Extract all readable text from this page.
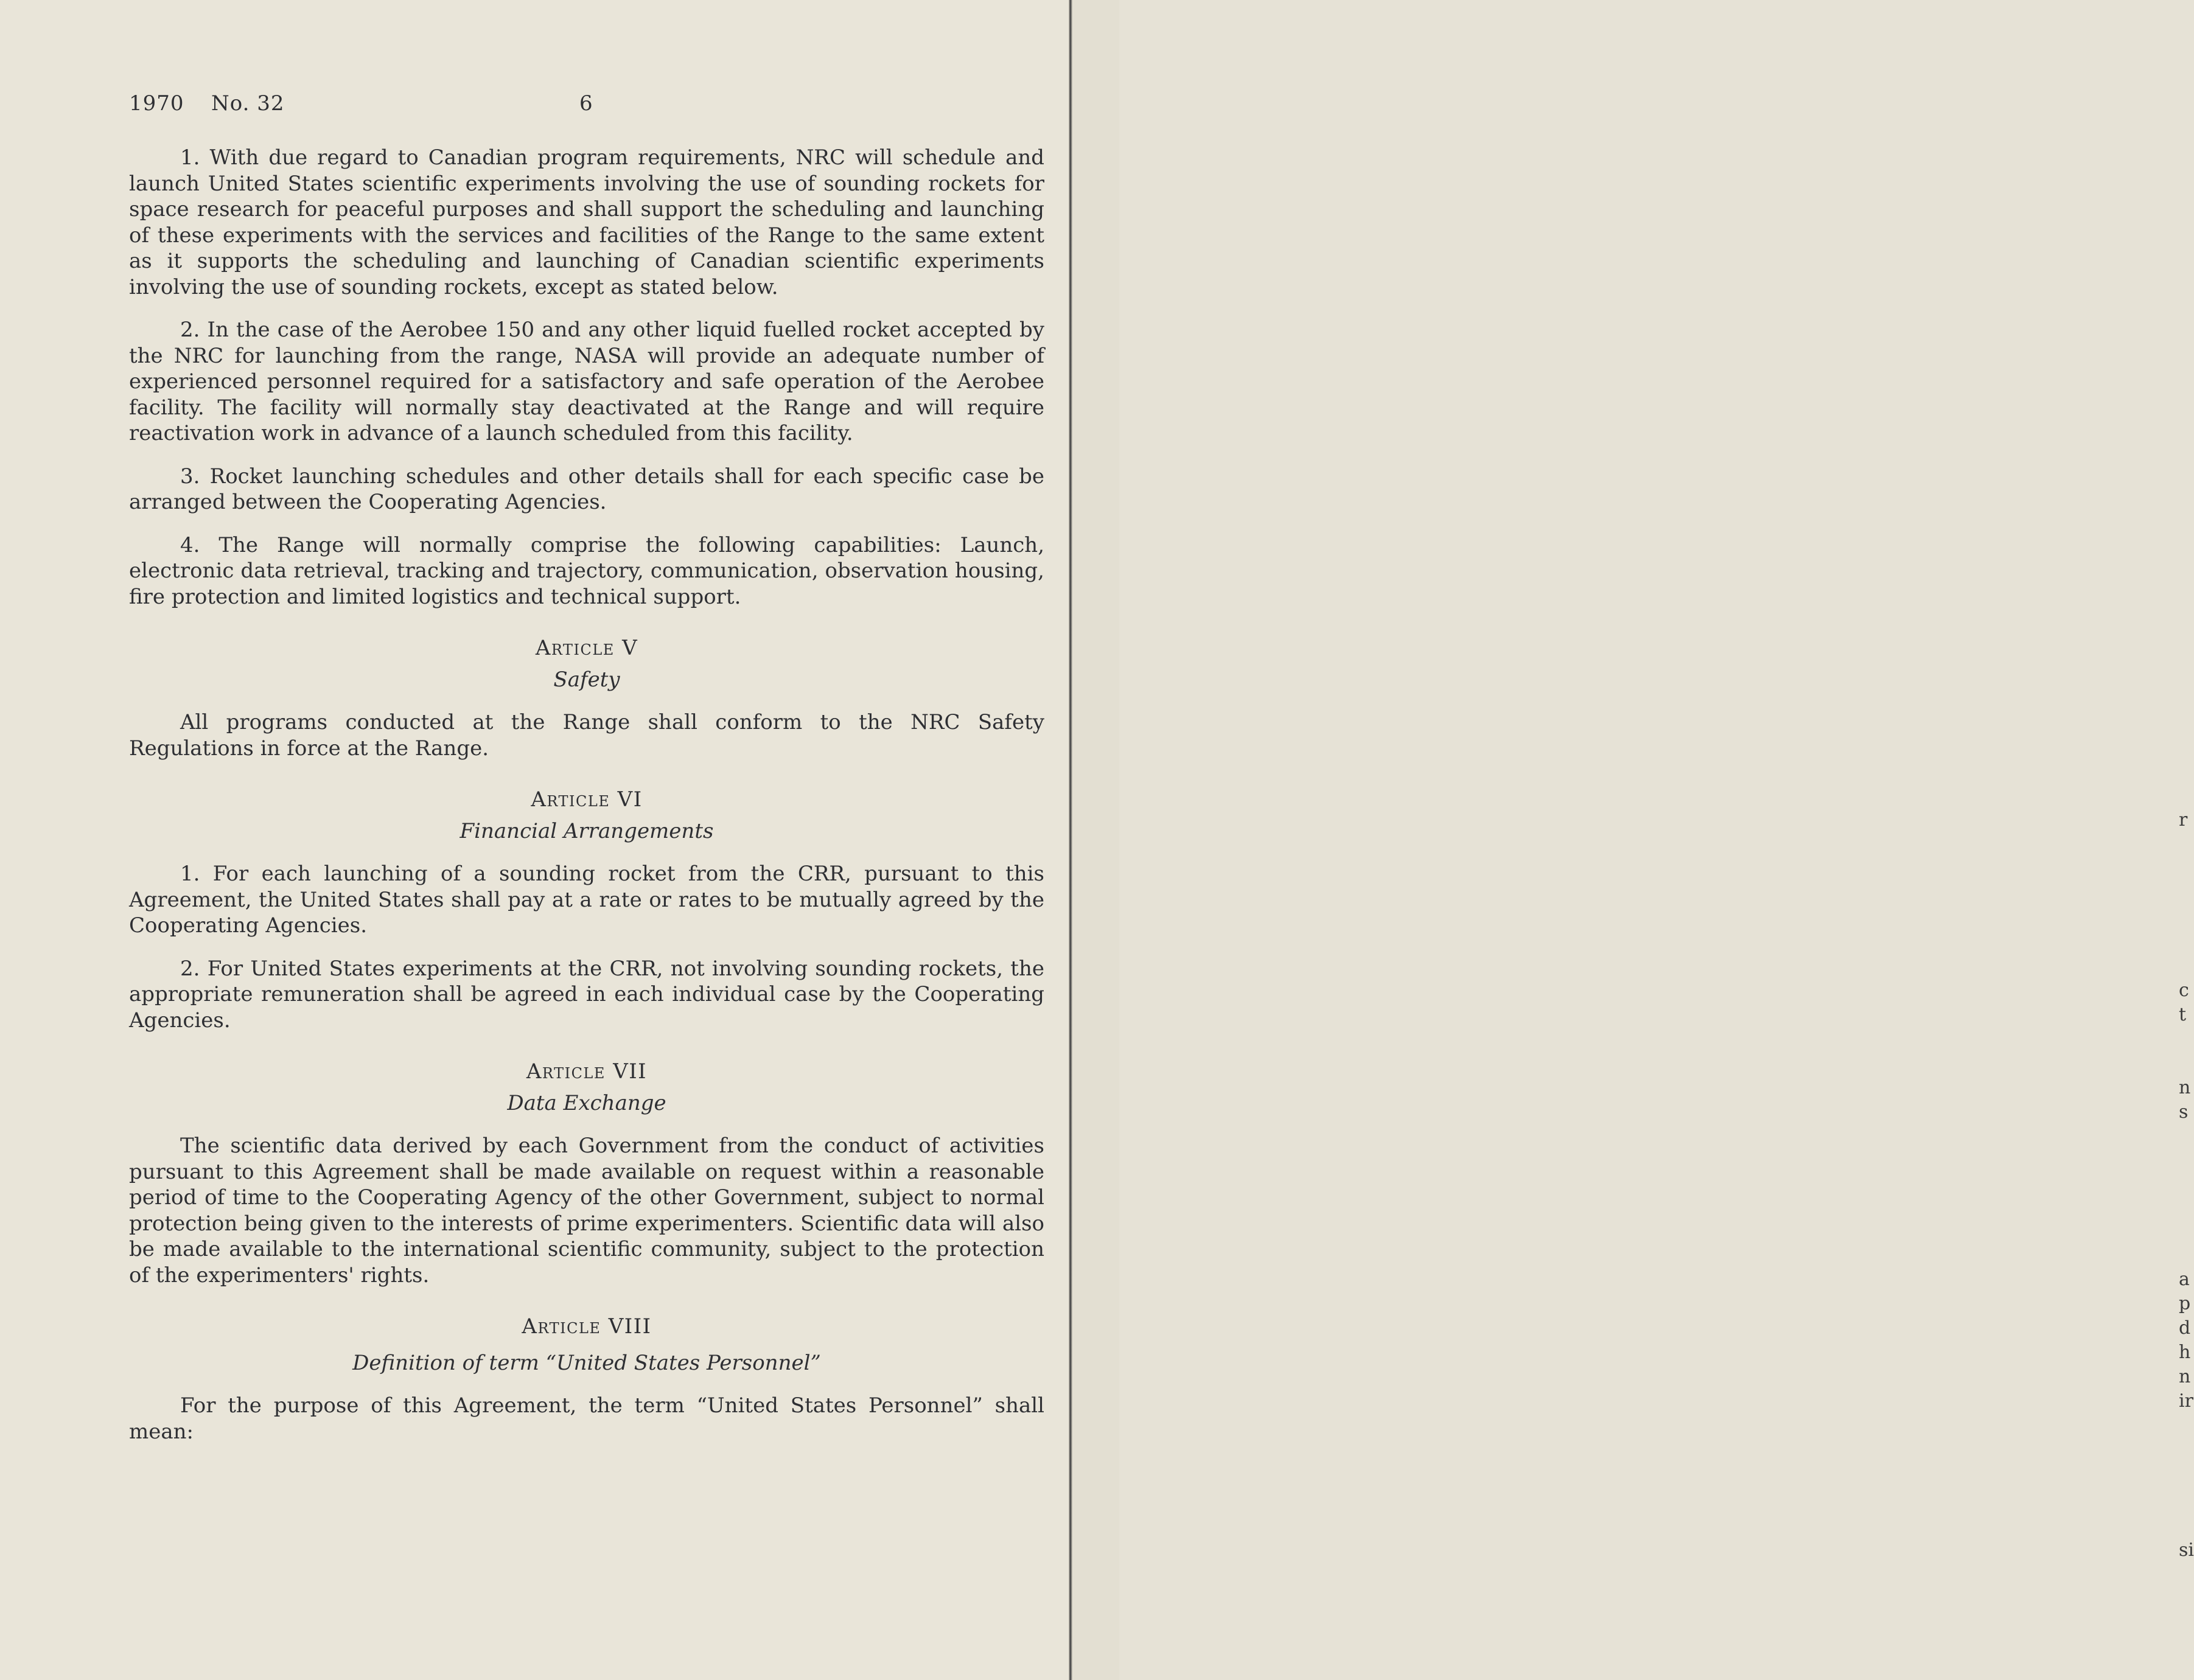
1970 No. 32	6

1. With due regard to Canadian program requirements, NRC will schedule and launch United States scientific experiments involving the use of sounding rockets for space research for peaceful purposes and shall support the scheduling and launching of these experiments with the services and facilities of the Range to the same extent as it supports the scheduling and launching of Canadian scientific experiments involving the use of sounding rockets, except as stated below.

2. In the case of the Aerobee 150 and any other liquid fuelled rocket accepted by the NRC for launching from the range, NASA will provide an adequate number of experienced personnel required for a satisfactory and safe operation of the Aerobee facility. The facility will normally stay deactivated at the Range and will require reactivation work in advance of a launch scheduled from this facility.

3. Rocket launching schedules and other details shall for each specific case be arranged between the Cooperating Agencies.

4. The Range will normally comprise the following capabilities: Launch, electronic data retrieval, tracking and trajectory, communication, observation housing, fire protection and limited logistics and technical support.

Article V

Safety

All programs conducted at the Range shall conform to the NRC Safety Regulations in force at the Range.

Article VI

Financial Arrangements

1. For each launching of a sounding rocket from the CRR, pursuant to this Agreement, the United States shall pay at a rate or rates to be mutually agreed by the Cooperating Agencies.

2. For United States experiments at the CRR, not involving sounding rockets, the appropriate remuneration shall be agreed in each individual case by the Cooperating Agencies.

Article VII

Data Exchange

The scientific data derived by each Government from the conduct of activities pursuant to this Agreement shall be made available on request within a reasonable period of time to the Cooperating Agency of the other Government, subject to normal protection being given to the interests of prime experimenters. Scientific data will also be made available to the international scientific community, subject to the protection of the experimenters' rights.

Article VIII

Definition of term “United States Personnel”

For the purpose of this Agreement, the term “United States Personnel” shall mean:

r
c
t
n
s
a
p
d
h
n
ir
si
